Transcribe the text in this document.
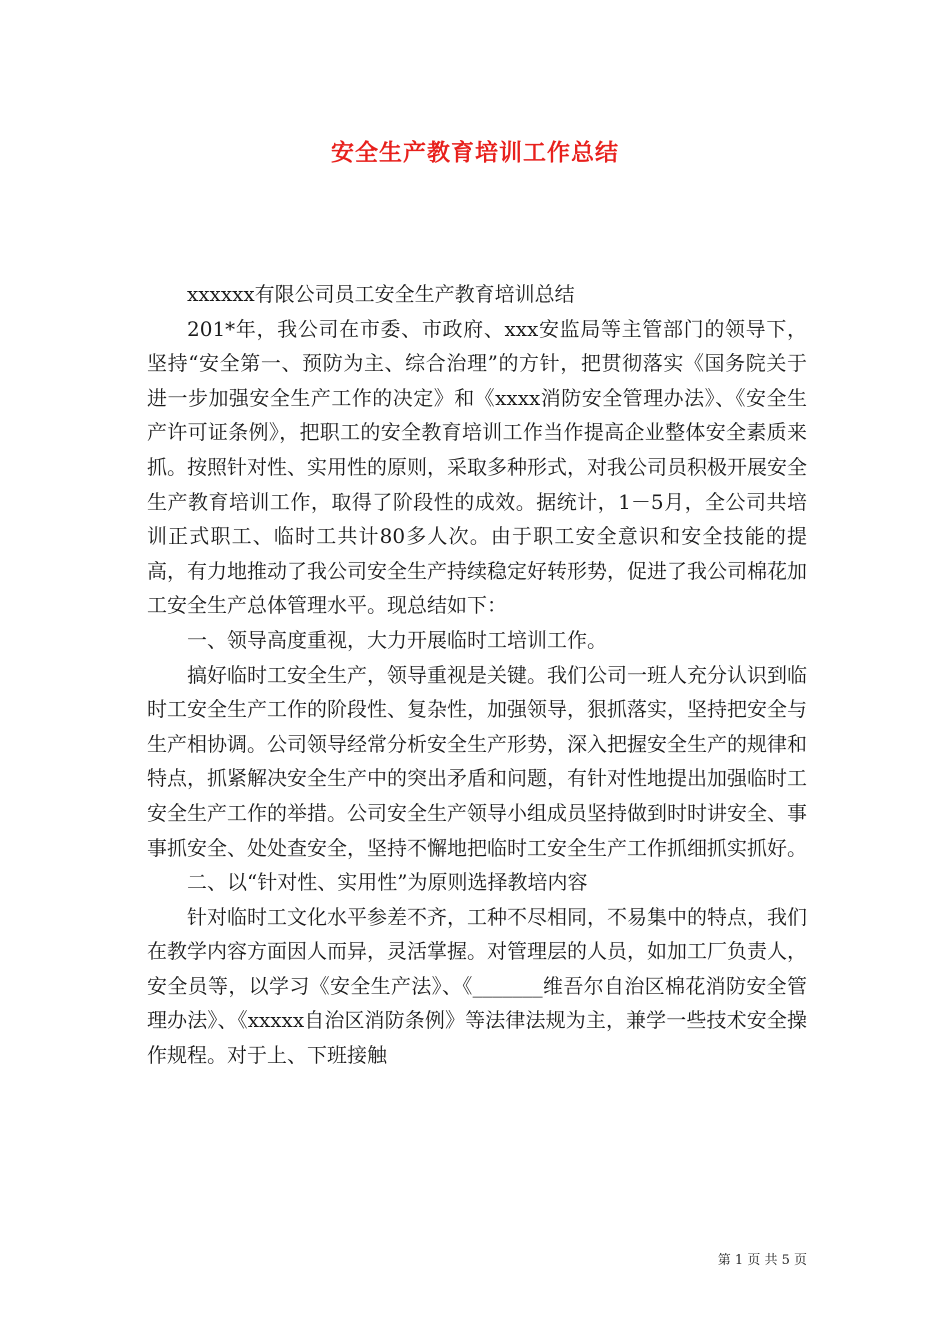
安全生产教育培训工作总结

xxxxxx有限公司员工安全生产教育培训总结

201*年，我公司在市委、市政府、xxx安监局等主管部门的领导下，坚持“安全第一、预防为主、综合治理”的方针，把贯彻落实《国务院关于进一步加强安全生产工作的决定》和《xxxx消防安全管理办法》、《安全生产许可证条例》，把职工的安全教育培训工作当作提高企业整体安全素质来抓。按照针对性、实用性的原则，采取多种形式，对我公司员积极开展安全生产教育培训工作，取得了阶段性的成效。据统计，1－5月，全公司共培训正式职工、临时工共计80多人次。由于职工安全意识和安全技能的提高，有力地推动了我公司安全生产持续稳定好转形势，促进了我公司棉花加工安全生产总体管理水平。现总结如下：

一、领导高度重视，大力开展临时工培训工作。

搞好临时工安全生产，领导重视是关键。我们公司一班人充分认识到临时工安全生产工作的阶段性、复杂性，加强领导，狠抓落实，坚持把安全与生产相协调。公司领导经常分析安全生产形势，深入把握安全生产的规律和特点，抓紧解决安全生产中的突出矛盾和问题，有针对性地提出加强临时工安全生产工作的举措。公司安全生产领导小组成员坚持做到时时讲安全、事事抓安全、处处查安全，坚持不懈地把临时工安全生产工作抓细抓实抓好。

二、以“针对性、实用性”为原则选择教培内容

针对临时工文化水平参差不齐，工种不尽相同，不易集中的特点，我们在教学内容方面因人而异，灵活掌握。对管理层的人员，如加工厂负责人，安全员等，以学习《安全生产法》、《_______维吾尔自治区棉花消防安全管理办法》、《xxxxx自治区消防条例》等法律法规为主，兼学一些技术安全操作规程。对于上、下班接触

第 1 页 共 5 页
